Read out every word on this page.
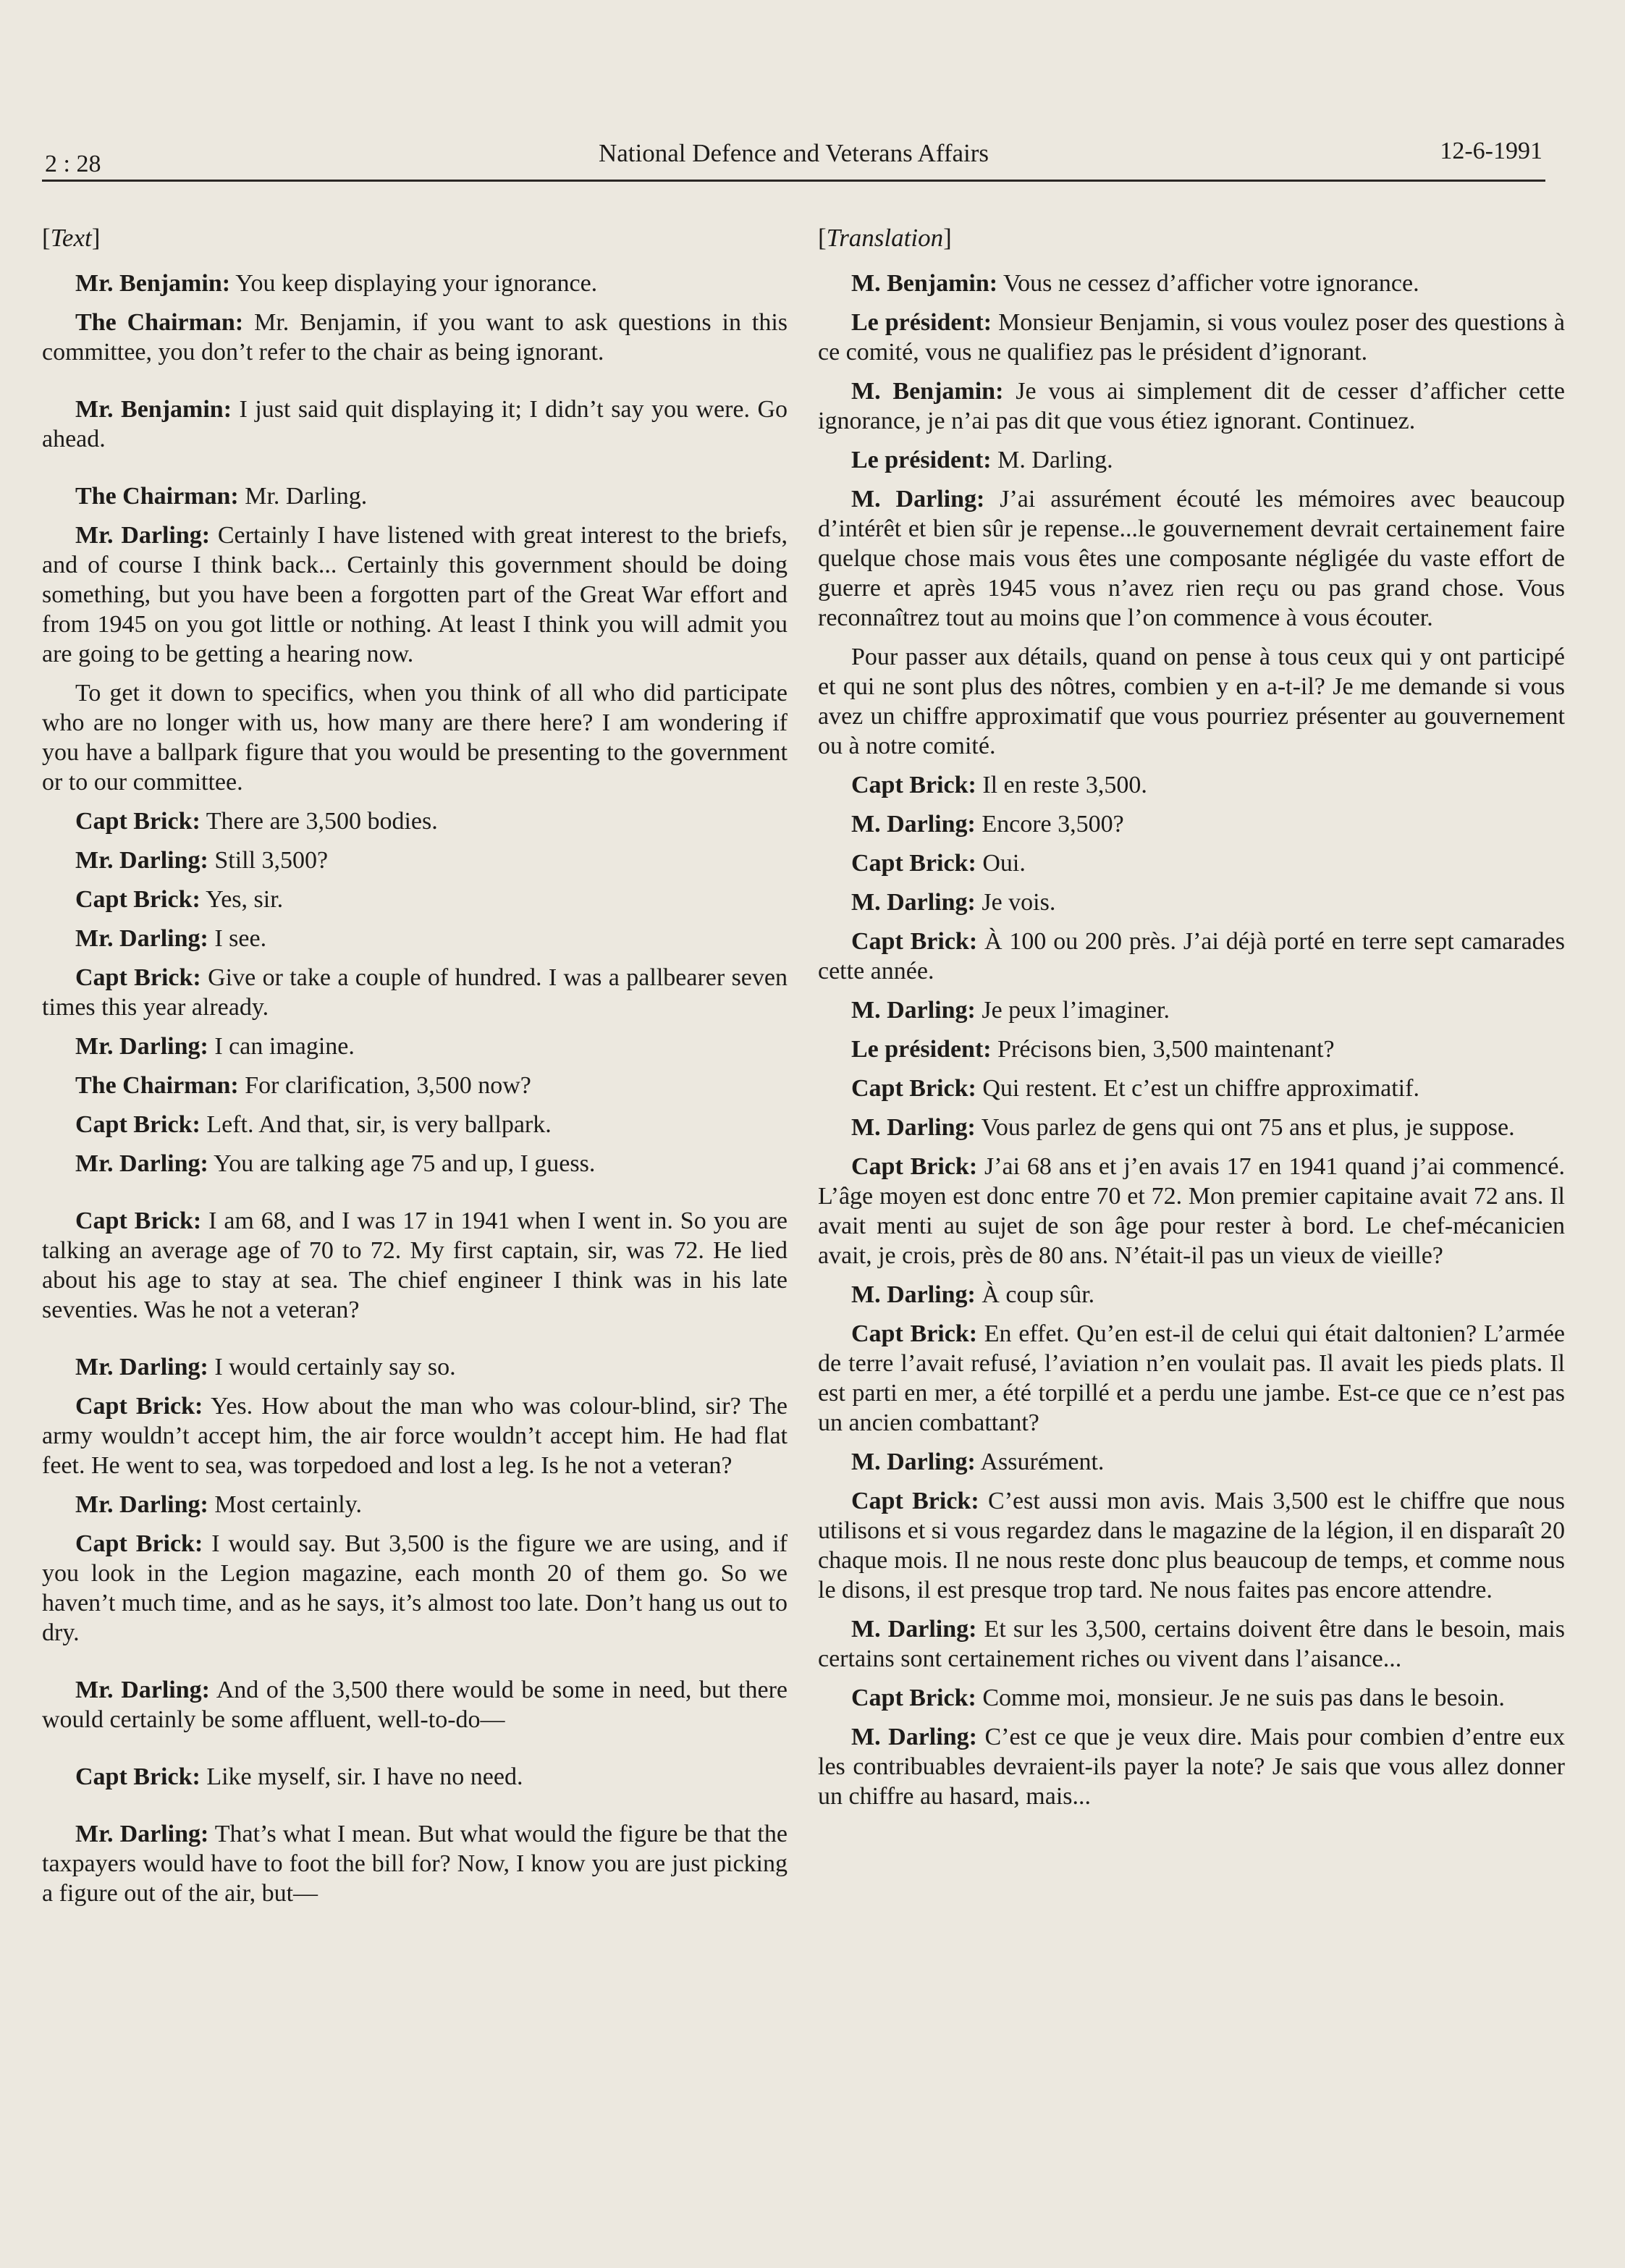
2 : 28	National Defence and Veterans Affairs	12-6-1991
[Text]

Mr. Benjamin: You keep displaying your ignorance.

The Chairman: Mr. Benjamin, if you want to ask questions in this committee, you don’t refer to the chair as being ignorant.

Mr. Benjamin: I just said quit displaying it; I didn’t say you were. Go ahead.

The Chairman: Mr. Darling.

Mr. Darling: Certainly I have listened with great interest to the briefs, and of course I think back... Certainly this government should be doing something, but you have been a forgotten part of the Great War effort and from 1945 on you got little or nothing. At least I think you will admit you are going to be getting a hearing now.

To get it down to specifics, when you think of all who did participate who are no longer with us, how many are there here? I am wondering if you have a ballpark figure that you would be presenting to the government or to our committee.

Capt Brick: There are 3,500 bodies.

Mr. Darling: Still 3,500?

Capt Brick: Yes, sir.

Mr. Darling: I see.

Capt Brick: Give or take a couple of hundred. I was a pallbearer seven times this year already.

Mr. Darling: I can imagine.

The Chairman: For clarification, 3,500 now?

Capt Brick: Left. And that, sir, is very ballpark.

Mr. Darling: You are talking age 75 and up, I guess.

Capt Brick: I am 68, and I was 17 in 1941 when I went in. So you are talking an average age of 70 to 72. My first captain, sir, was 72. He lied about his age to stay at sea. The chief engineer I think was in his late seventies. Was he not a veteran?

Mr. Darling: I would certainly say so.

Capt Brick: Yes. How about the man who was colour-blind, sir? The army wouldn’t accept him, the air force wouldn’t accept him. He had flat feet. He went to sea, was torpedoed and lost a leg. Is he not a veteran?

Mr. Darling: Most certainly.

Capt Brick: I would say. But 3,500 is the figure we are using, and if you look in the Legion magazine, each month 20 of them go. So we haven’t much time, and as he says, it’s almost too late. Don’t hang us out to dry.

Mr. Darling: And of the 3,500 there would be some in need, but there would certainly be some affluent, well-to-do—

Capt Brick: Like myself, sir. I have no need.

Mr. Darling: That’s what I mean. But what would the figure be that the taxpayers would have to foot the bill for? Now, I know you are just picking a figure out of the air, but—

[Translation]

M. Benjamin: Vous ne cessez d’afficher votre ignorance.

Le président: Monsieur Benjamin, si vous voulez poser des questions à ce comité, vous ne qualifiez pas le président d’ignorant.

M. Benjamin: Je vous ai simplement dit de cesser d’afficher cette ignorance, je n’ai pas dit que vous étiez ignorant. Continuez.

Le président: M. Darling.

M. Darling: J’ai assurément écouté les mémoires avec beaucoup d’intérêt et bien sûr je repense...le gouvernement devrait certainement faire quelque chose mais vous êtes une composante négligée du vaste effort de guerre et après 1945 vous n’avez rien reçu ou pas grand chose. Vous reconnaîtrez tout au moins que l’on commence à vous écouter.

Pour passer aux détails, quand on pense à tous ceux qui y ont participé et qui ne sont plus des nôtres, combien y en a-t-il? Je me demande si vous avez un chiffre approximatif que vous pourriez présenter au gouvernement ou à notre comité.

Capt Brick: Il en reste 3,500.

M. Darling: Encore 3,500?

Capt Brick: Oui.

M. Darling: Je vois.

Capt Brick: À 100 ou 200 près. J’ai déjà porté en terre sept camarades cette année.

M. Darling: Je peux l’imaginer.

Le président: Précisons bien, 3,500 maintenant?

Capt Brick: Qui restent. Et c’est un chiffre approximatif.

M. Darling: Vous parlez de gens qui ont 75 ans et plus, je suppose.

Capt Brick: J’ai 68 ans et j’en avais 17 en 1941 quand j’ai commencé. L’âge moyen est donc entre 70 et 72. Mon premier capitaine avait 72 ans. Il avait menti au sujet de son âge pour rester à bord. Le chef-mécanicien avait, je crois, près de 80 ans. N’était-il pas un vieux de vieille?

M. Darling: À coup sûr.

Capt Brick: En effet. Qu’en est-il de celui qui était daltonien? L’armée de terre l’avait refusé, l’aviation n’en voulait pas. Il avait les pieds plats. Il est parti en mer, a été torpillé et a perdu une jambe. Est-ce que ce n’est pas un ancien combattant?

M. Darling: Assurément.

Capt Brick: C’est aussi mon avis. Mais 3,500 est le chiffre que nous utilisons et si vous regardez dans le magazine de la légion, il en disparaît 20 chaque mois. Il ne nous reste donc plus beaucoup de temps, et comme nous le disons, il est presque trop tard. Ne nous faites pas encore attendre.

M. Darling: Et sur les 3,500, certains doivent être dans le besoin, mais certains sont certainement riches ou vivent dans l’aisance...

Capt Brick: Comme moi, monsieur. Je ne suis pas dans le besoin.

M. Darling: C’est ce que je veux dire. Mais pour combien d’entre eux les contribuables devraient-ils payer la note? Je sais que vous allez donner un chiffre au hasard, mais...
